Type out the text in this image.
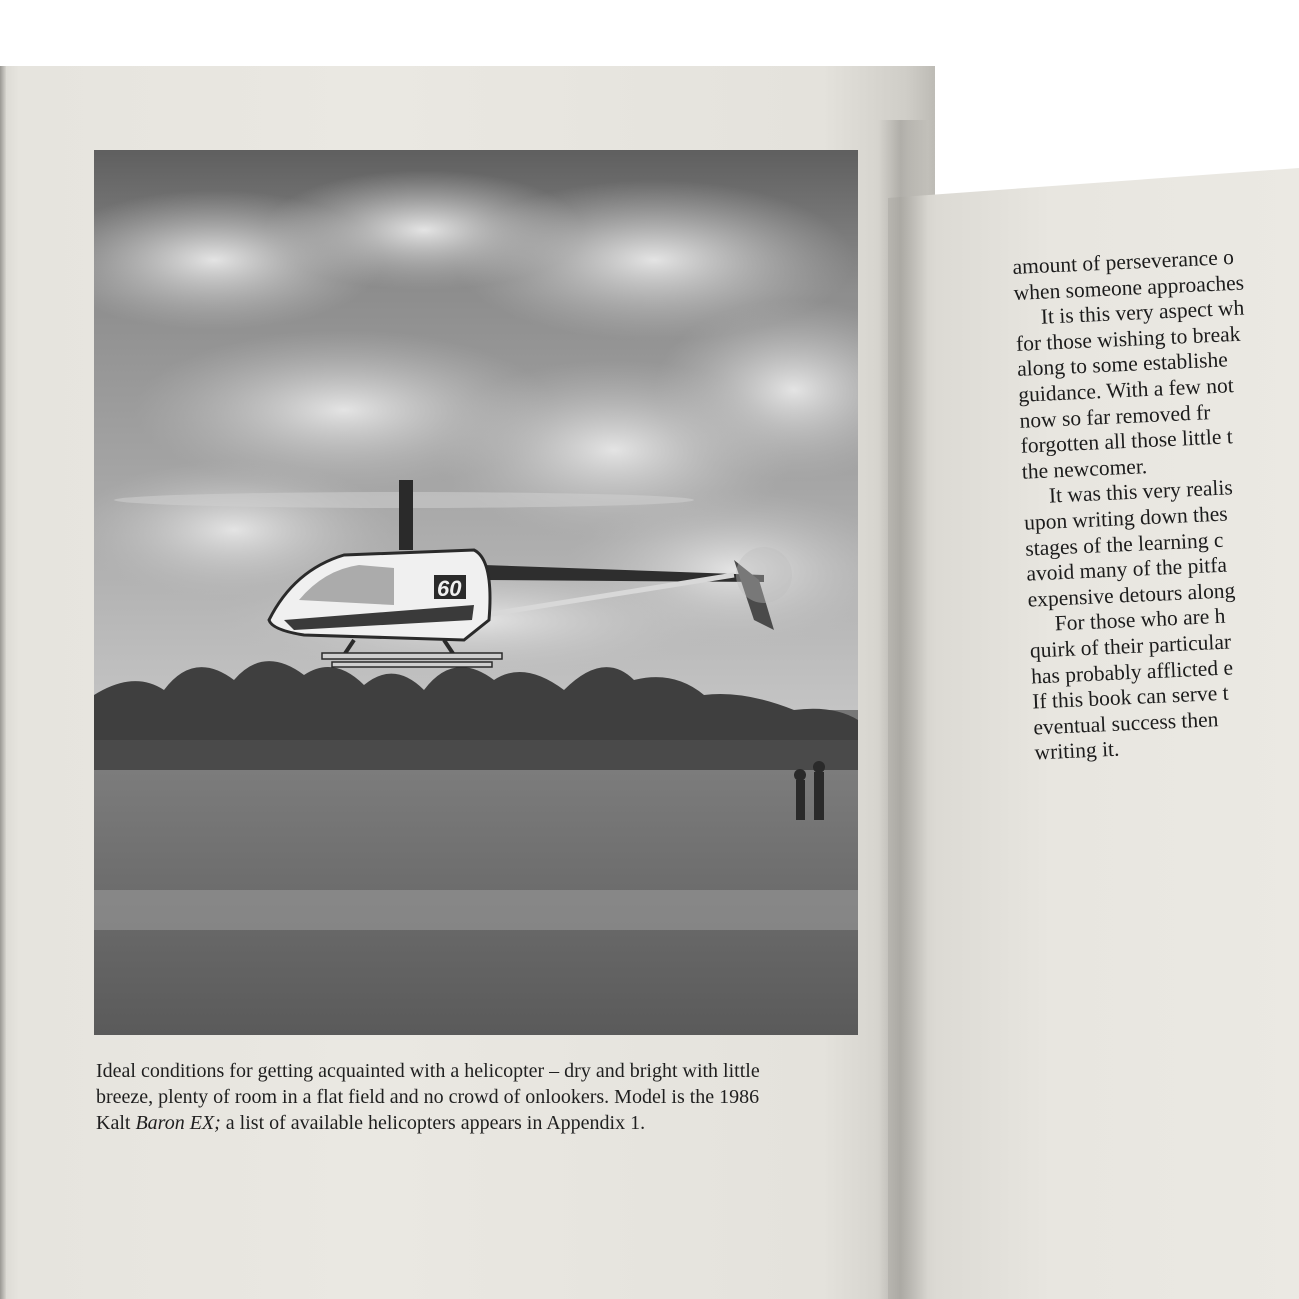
60

Ideal conditions for getting acquainted with a helicopter – dry and bright with little

breeze, plenty of room in a flat field and no crowd of onlookers. Model is the 1986

Kalt Baron EX; a list of available helicopters appears in Appendix 1.

amount of perseverance o

when someone approaches

It is this very aspect wh

for those wishing to break

along to some establishe

guidance. With a few not

now so far removed fr

forgotten all those little t

the newcomer.

It was this very realis

upon writing down thes

stages of the learning c

avoid many of the pitfa

expensive detours along

For those who are h

quirk of their particular

has probably afflicted e

If this book can serve t

eventual success then

writing it.
